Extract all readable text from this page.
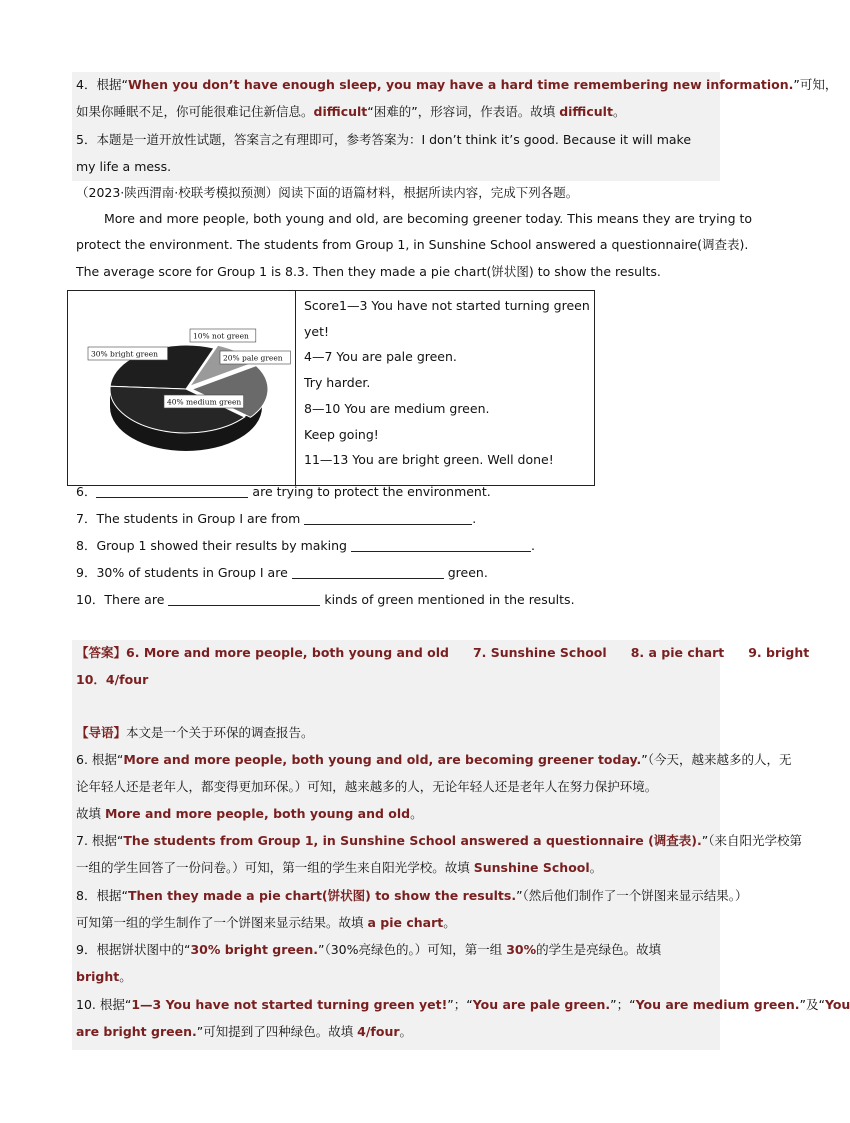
4．根据“When you don’t have enough sleep, you may have a hard time remembering new information.”可知，
如果你睡眠不足，你可能很难记住新信息。difficult“困难的”，形容词，作表语。故填 difficult。
5．本题是一道开放性试题，答案言之有理即可，参考答案为：I don’t think it’s good. Because it will make
my life a mess.
（2023·陕西渭南·校联考模拟预测）阅读下面的语篇材料，根据所读内容，完成下列各题。
More and more people, both young and old, are becoming greener today. This means they are trying to
protect the environment. The students from Group 1, in Sunshine School answered a questionnaire(调查表).
The average score for Group 1 is 8.3. Then they made a pie chart(饼状图) to show the results.
30% bright green
10% not green
20% pale green
40% medium green

Score1—3 You have not started turning green
yet!
4—7 You are pale green.
Try harder.
8—10 You are medium green.
Keep going!
11—13 You are bright green. Well done!
6．	are trying to protect the environment.
7．The students in Group I are from	.
8．Group 1 showed their results by making	.
9．30% of students in Group I are	green.
10．There are	kinds of green mentioned in the results.
【答案】6. More and more people, both young and old 7. Sunshine School 8. a pie chart 9. bright
10．4/four
【导语】本文是一个关于环保的调查报告。
6. 根据“More and more people, both young and old, are becoming greener today.”（今天，越来越多的人，无
论年轻人还是老年人，都变得更加环保。）可知，越来越多的人，无论年轻人还是老年人在努力保护环境。
故填 More and more people, both young and old。
7. 根据“The students from Group 1, in Sunshine School answered a questionnaire (调查表).”（来自阳光学校第
一组的学生回答了一份问卷。）可知，第一组的学生来自阳光学校。故填 Sunshine School。
8．根据“Then they made a pie chart(饼状图) to show the results.”（然后他们制作了一个饼图来显示结果。）
可知第一组的学生制作了一个饼图来显示结果。故填 a pie chart。
9．根据饼状图中的“30% bright green.”（30%亮绿色的。）可知，第一组 30%的学生是亮绿色。故填
bright。
10. 根据“1—3 You have not started turning green yet!”；“You are pale green.”；“You are medium green.”及“You
are bright green.”可知提到了四种绿色。故填 4/four。
